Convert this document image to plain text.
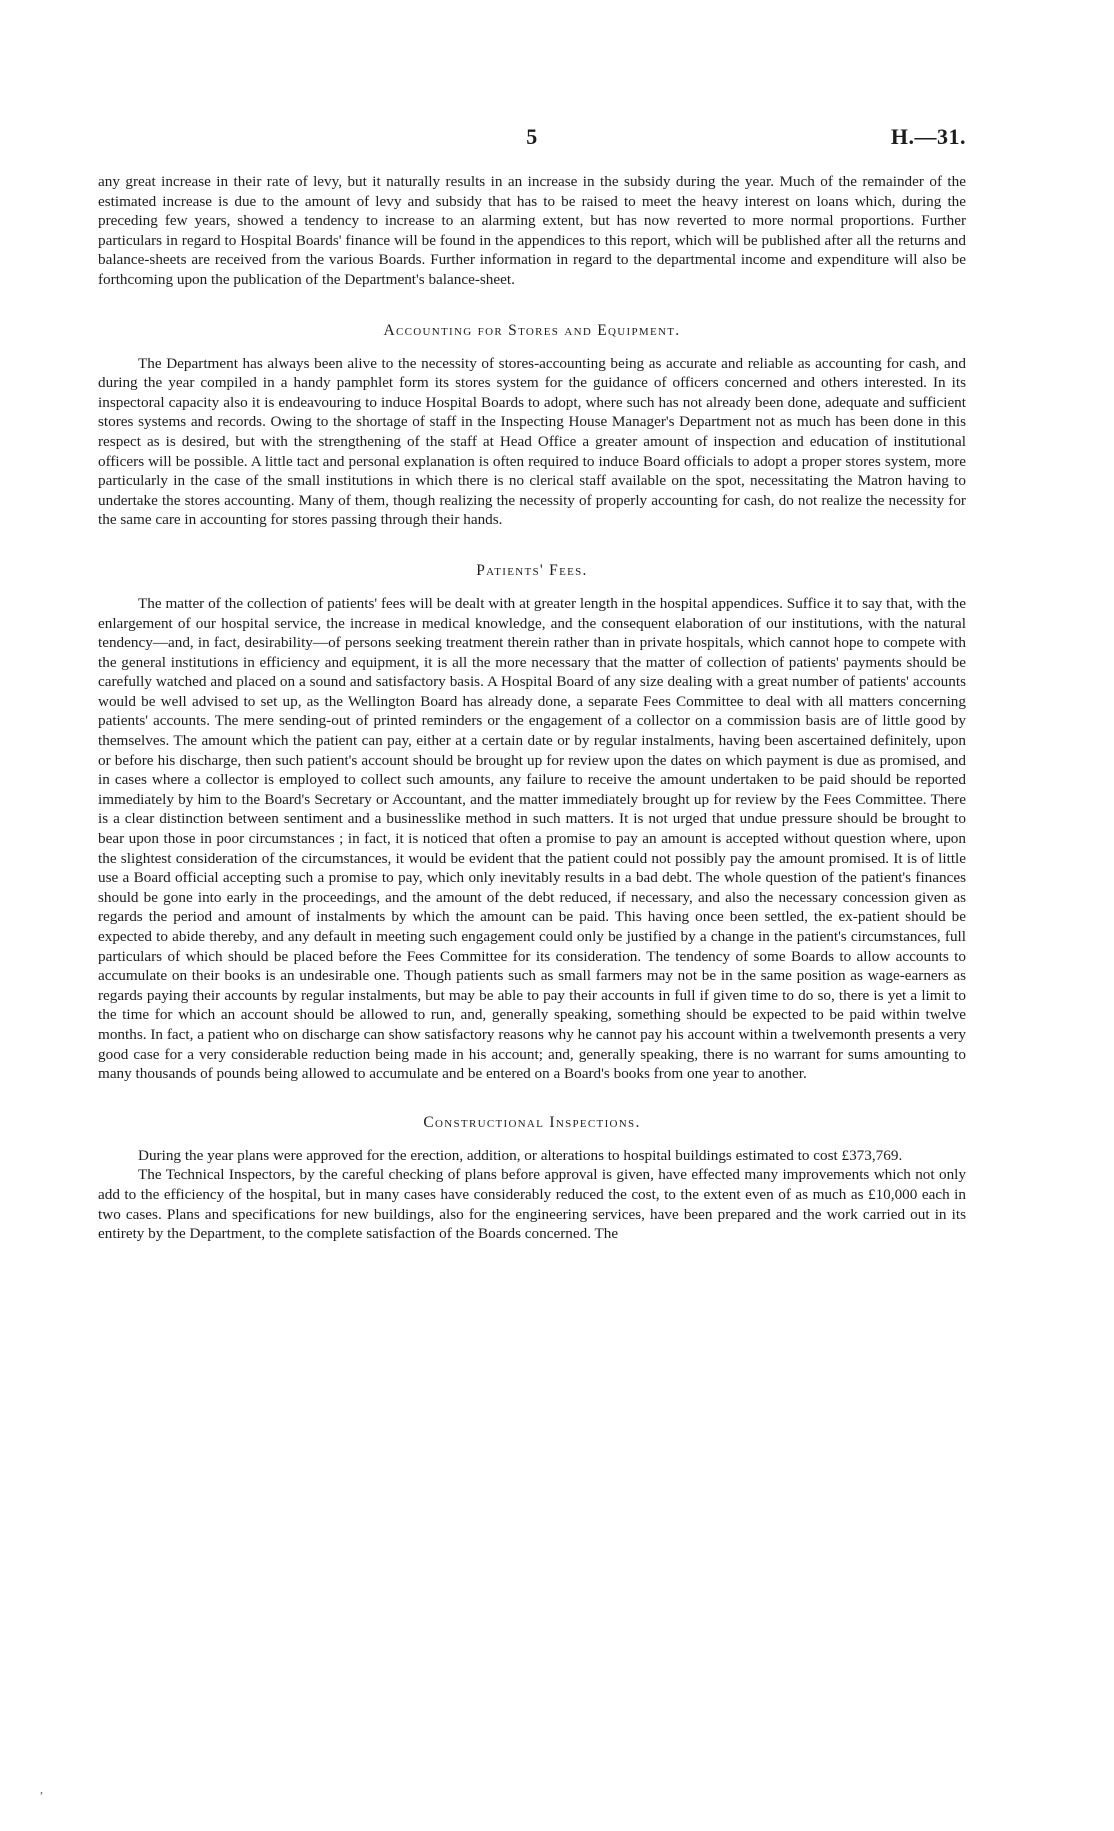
5	H.—31.

any great increase in their rate of levy, but it naturally results in an increase in the subsidy during the year. Much of the remainder of the estimated increase is due to the amount of levy and subsidy that has to be raised to meet the heavy interest on loans which, during the preceding few years, showed a tendency to increase to an alarming extent, but has now reverted to more normal proportions. Further particulars in regard to Hospital Boards' finance will be found in the appendices to this report, which will be published after all the returns and balance-sheets are received from the various Boards. Further information in regard to the departmental income and expenditure will also be forthcoming upon the publication of the Department's balance-sheet.

Accounting for Stores and Equipment.

The Department has always been alive to the necessity of stores-accounting being as accurate and reliable as accounting for cash, and during the year compiled in a handy pamphlet form its stores system for the guidance of officers concerned and others interested. In its inspectoral capacity also it is endeavouring to induce Hospital Boards to adopt, where such has not already been done, adequate and sufficient stores systems and records. Owing to the shortage of staff in the Inspecting House Manager's Department not as much has been done in this respect as is desired, but with the strengthening of the staff at Head Office a greater amount of inspection and education of institutional officers will be possible. A little tact and personal explanation is often required to induce Board officials to adopt a proper stores system, more particularly in the case of the small institutions in which there is no clerical staff available on the spot, necessitating the Matron having to undertake the stores accounting. Many of them, though realizing the necessity of properly accounting for cash, do not realize the necessity for the same care in accounting for stores passing through their hands.

Patients' Fees.

The matter of the collection of patients' fees will be dealt with at greater length in the hospital appendices. Suffice it to say that, with the enlargement of our hospital service, the increase in medical knowledge, and the consequent elaboration of our institutions, with the natural tendency—and, in fact, desirability—of persons seeking treatment therein rather than in private hospitals, which cannot hope to compete with the general institutions in efficiency and equipment, it is all the more necessary that the matter of collection of patients' payments should be carefully watched and placed on a sound and satisfactory basis. A Hospital Board of any size dealing with a great number of patients' accounts would be well advised to set up, as the Wellington Board has already done, a separate Fees Committee to deal with all matters concerning patients' accounts. The mere sending-out of printed reminders or the engagement of a collector on a commission basis are of little good by themselves. The amount which the patient can pay, either at a certain date or by regular instalments, having been ascertained definitely, upon or before his discharge, then such patient's account should be brought up for review upon the dates on which payment is due as promised, and in cases where a collector is employed to collect such amounts, any failure to receive the amount undertaken to be paid should be reported immediately by him to the Board's Secretary or Accountant, and the matter immediately brought up for review by the Fees Committee. There is a clear distinction between sentiment and a businesslike method in such matters. It is not urged that undue pressure should be brought to bear upon those in poor circumstances ; in fact, it is noticed that often a promise to pay an amount is accepted without question where, upon the slightest consideration of the circumstances, it would be evident that the patient could not possibly pay the amount promised. It is of little use a Board official accepting such a promise to pay, which only inevitably results in a bad debt. The whole question of the patient's finances should be gone into early in the proceedings, and the amount of the debt reduced, if necessary, and also the necessary concession given as regards the period and amount of instalments by which the amount can be paid. This having once been settled, the ex-patient should be expected to abide thereby, and any default in meeting such engagement could only be justified by a change in the patient's circumstances, full particulars of which should be placed before the Fees Committee for its consideration. The tendency of some Boards to allow accounts to accumulate on their books is an undesirable one. Though patients such as small farmers may not be in the same position as wage-earners as regards paying their accounts by regular instalments, but may be able to pay their accounts in full if given time to do so, there is yet a limit to the time for which an account should be allowed to run, and, generally speaking, something should be expected to be paid within twelve months. In fact, a patient who on discharge can show satisfactory reasons why he cannot pay his account within a twelvemonth presents a very good case for a very considerable reduction being made in his account; and, generally speaking, there is no warrant for sums amounting to many thousands of pounds being allowed to accumulate and be entered on a Board's books from one year to another.

Constructional Inspections.

During the year plans were approved for the erection, addition, or alterations to hospital buildings estimated to cost £373,769.

The Technical Inspectors, by the careful checking of plans before approval is given, have effected many improvements which not only add to the efficiency of the hospital, but in many cases have considerably reduced the cost, to the extent even of as much as £10,000 each in two cases. Plans and specifications for new buildings, also for the engineering services, have been prepared and the work carried out in its entirety by the Department, to the complete satisfaction of the Boards concerned. The

,
